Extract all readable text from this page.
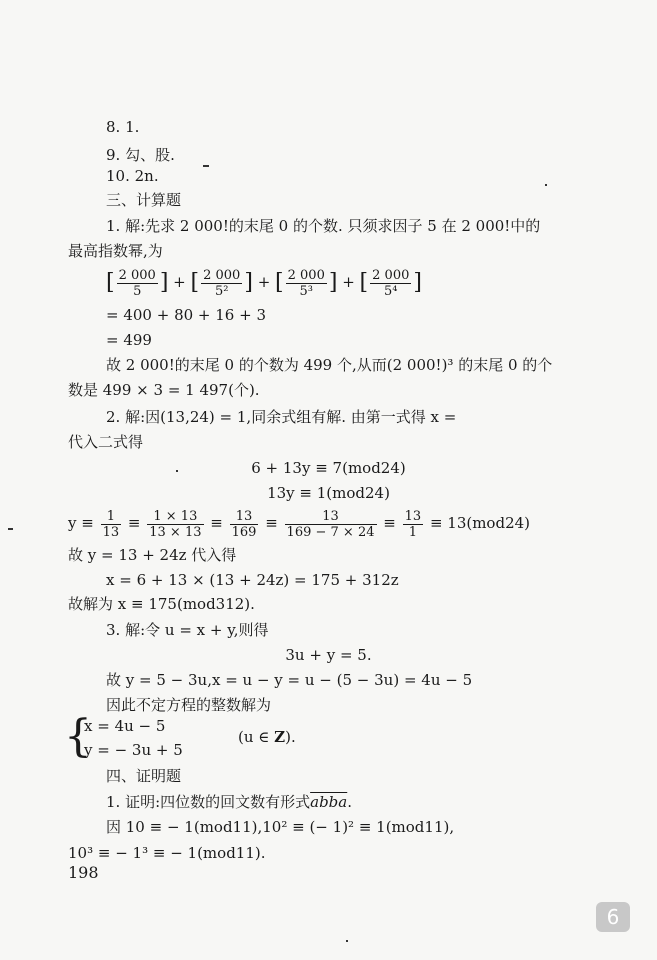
8. 1.
9. 勾、股.
10. 2n.
三、计算题
1. 解:先求 2 000!的末尾 0 的个数. 只须求因子 5 在 2 000!中的
最高指数幂,为
[ $\frac{2 000}{5}$ ] + [ $\frac{2 000}{\text{5²}}$ ] + [ $\frac{2 000}{\text{5³}}$ ] + [ $\frac{2 000}{\text{5⁴}}$ ]
= 400 + 80 + 16 + 3
= 499
故 2 000!的末尾 0 的个数为 499 个,从而(2 000!)³ 的末尾 0 的个
数是 499 × 3 = 1 497(个).
2. 解:因(13,24) = 1,同余式组有解. 由第一式得 x =
代入二式得
6 + 13y ≡ 7(mod24)
13y ≡ 1(mod24)
$y \equiv \frac{1}{13} \equiv \frac{1 \times 13}{13 \times 13} \equiv \frac{13}{169} \equiv \frac{13}{169 - 7 \times 24} \equiv \frac{13}{1} \equiv 13(mod24)$
故 y = 13 + 24z 代入得
x = 6 + 13 × (13 + 24z) = 175 + 312z
故解为 x ≡ 175(mod312).
3. 解:令 u = x + y,则得
3u + y = 5.
故 y = 5 − 3u,x = u − y = u − (5 − 3u) = 4u − 5
因此不定方程的整数解为
{
x = 4u − 5
y = − 3u + 5
(u ∈ Z).
四、证明题
1. 证明:四位数的回文数有形式abba.
因 10 ≡ − 1(mod11),10² ≡ (− 1)² ≡ 1(mod11),
10³ ≡ − 1³ ≡ − 1(mod11).
198
6
